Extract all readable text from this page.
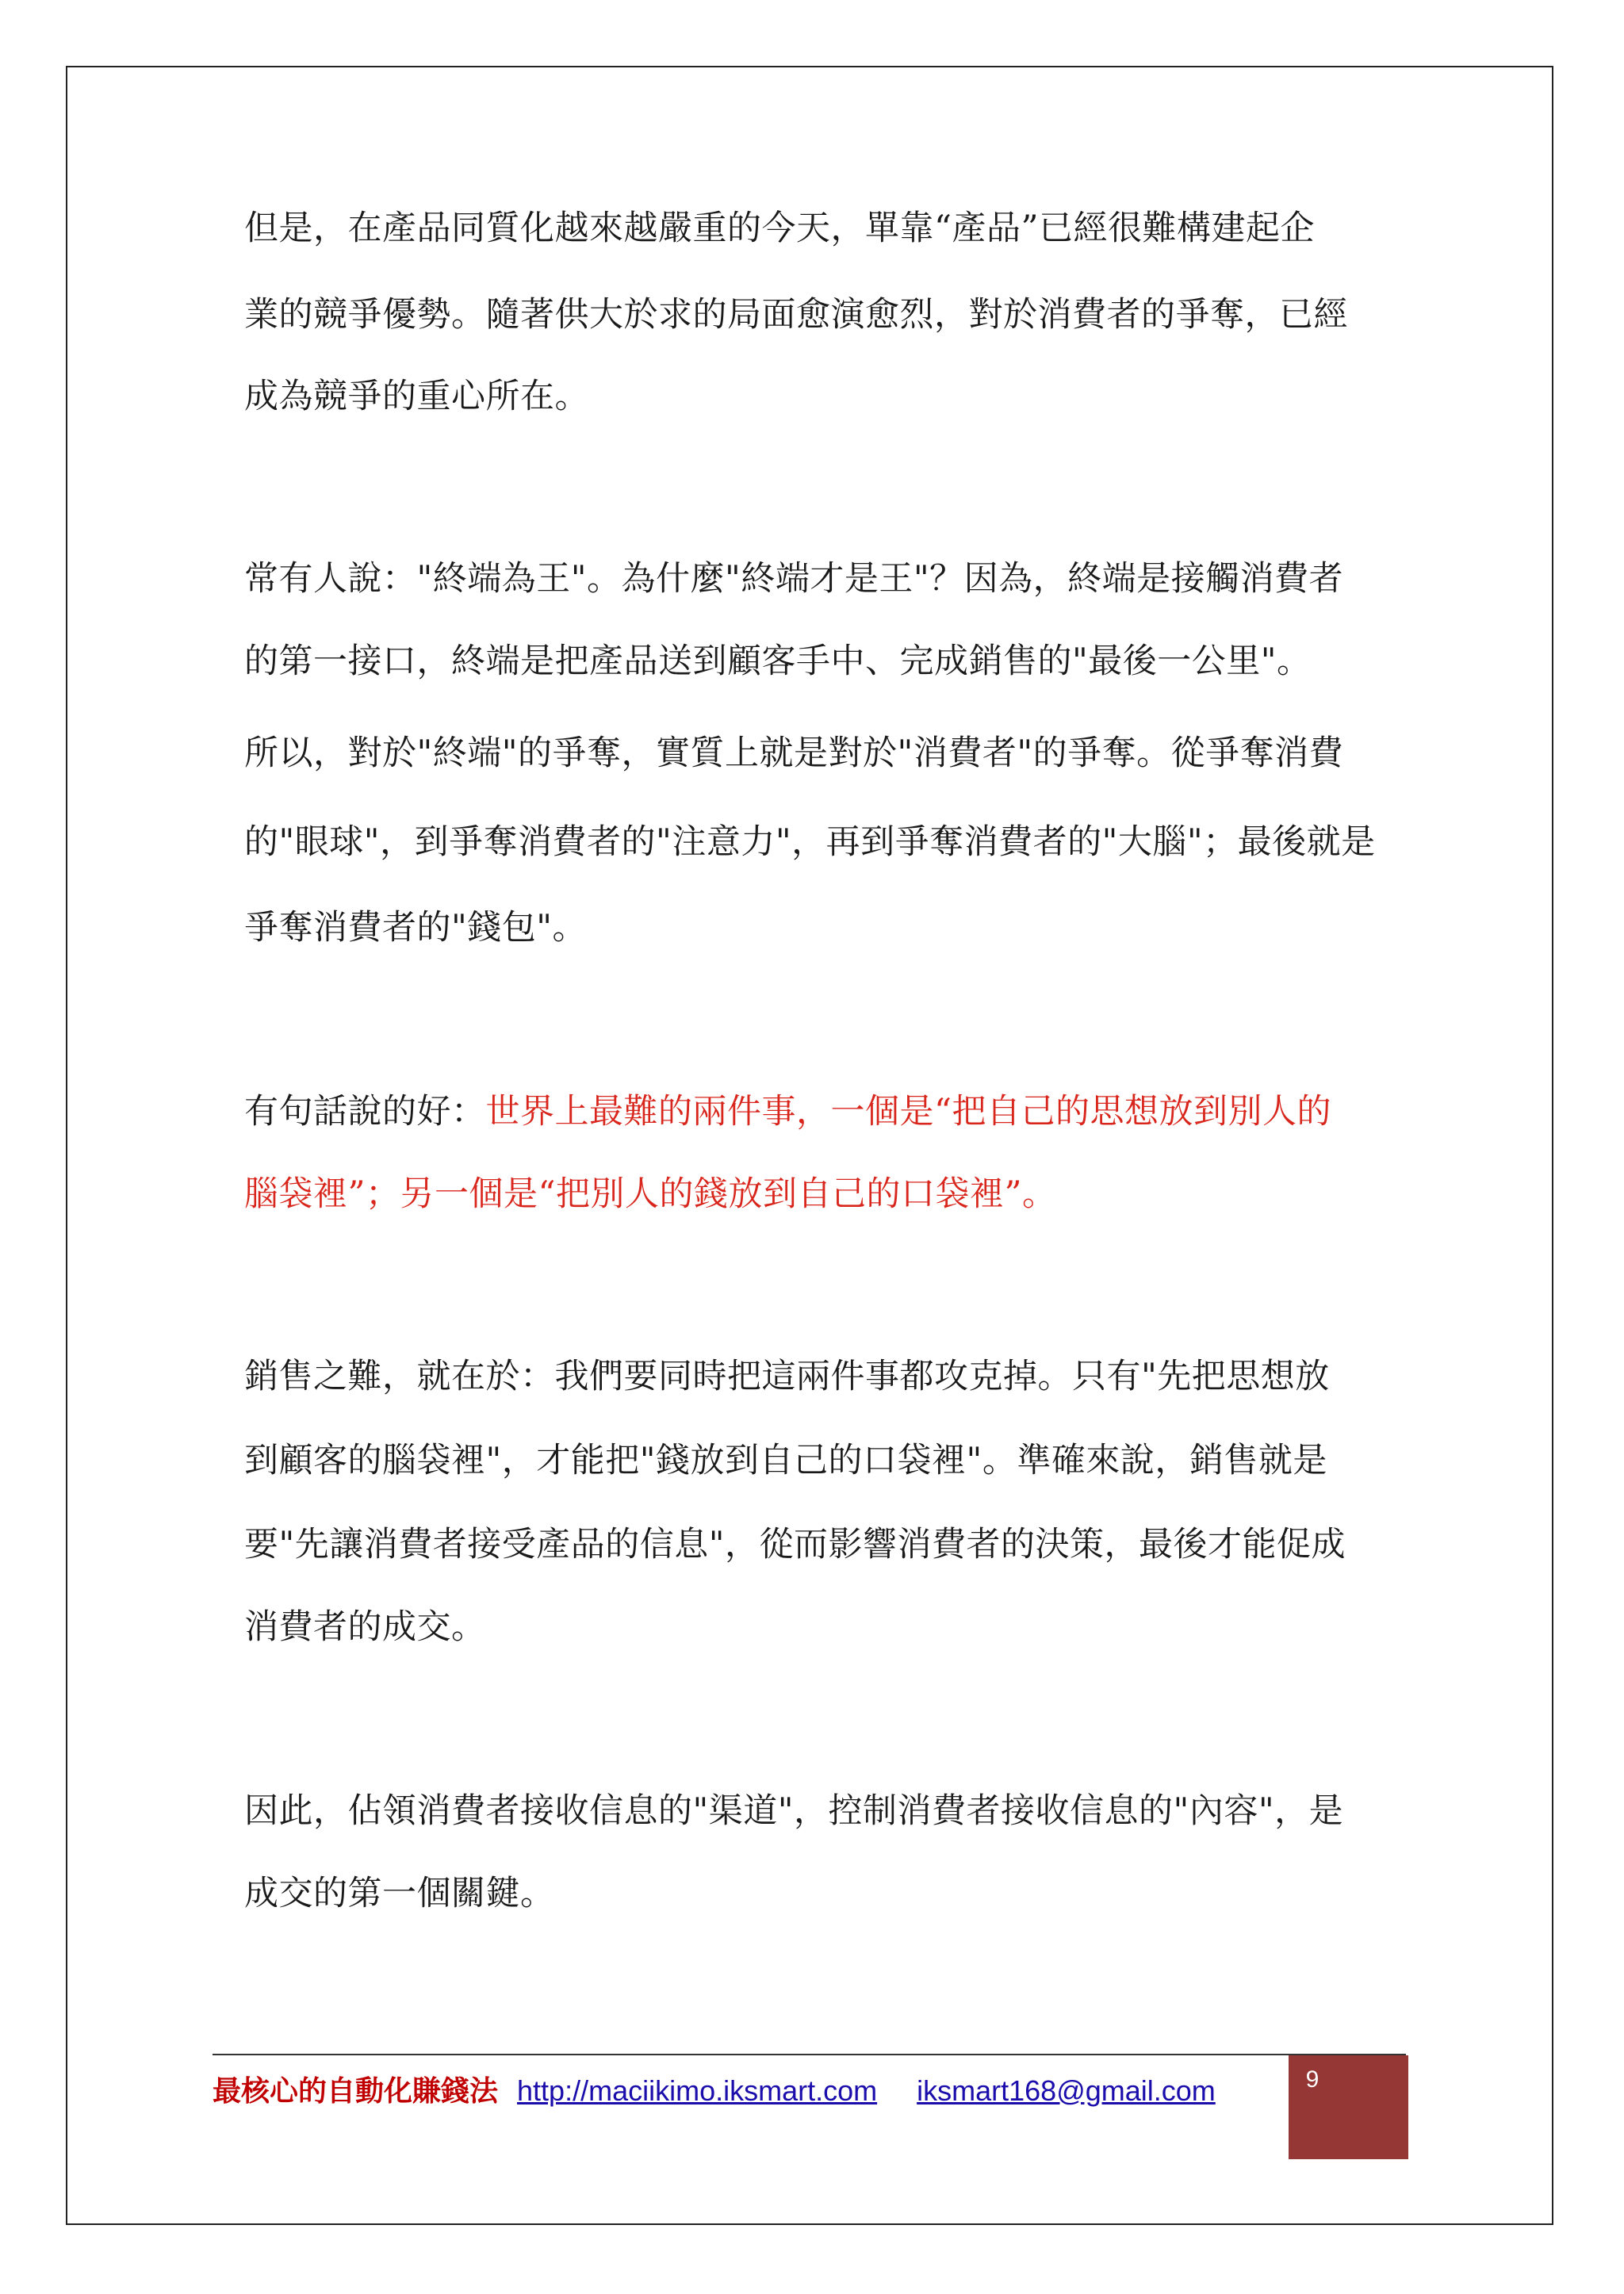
但是，在產品同質化越來越嚴重的今天，單靠“產品”已經很難構建起企
業的競爭優勢。隨著供大於求的局面愈演愈烈，對於消費者的爭奪，已經
成為競爭的重心所在。
常有人說："終端為王"。為什麼"終端才是王"？因為，終端是接觸消費者
的第一接口，終端是把產品送到顧客手中、完成銷售的"最後一公里"。
所以，對於"終端"的爭奪，實質上就是對於"消費者"的爭奪。從爭奪消費
的"眼球"，到爭奪消費者的"注意力"，再到爭奪消費者的"大腦"；最後就是
爭奪消費者的"錢包"。
有句話說的好：世界上最難的兩件事，一個是“把自己的思想放到別人的
腦袋裡”；另一個是“把別人的錢放到自己的口袋裡”。
銷售之難，就在於：我們要同時把這兩件事都攻克掉。只有"先把思想放
到顧客的腦袋裡"，才能把"錢放到自己的口袋裡"。準確來說，銷售就是
要"先讓消費者接受產品的信息"，從而影響消費者的決策，最後才能促成
消費者的成交。
因此，佔領消費者接收信息的"渠道"，控制消費者接收信息的"內容"，是
成交的第一個關鍵。
最核心的自動化賺錢法 http://maciikimo.iksmart.com iksmart168@gmail.com	9
